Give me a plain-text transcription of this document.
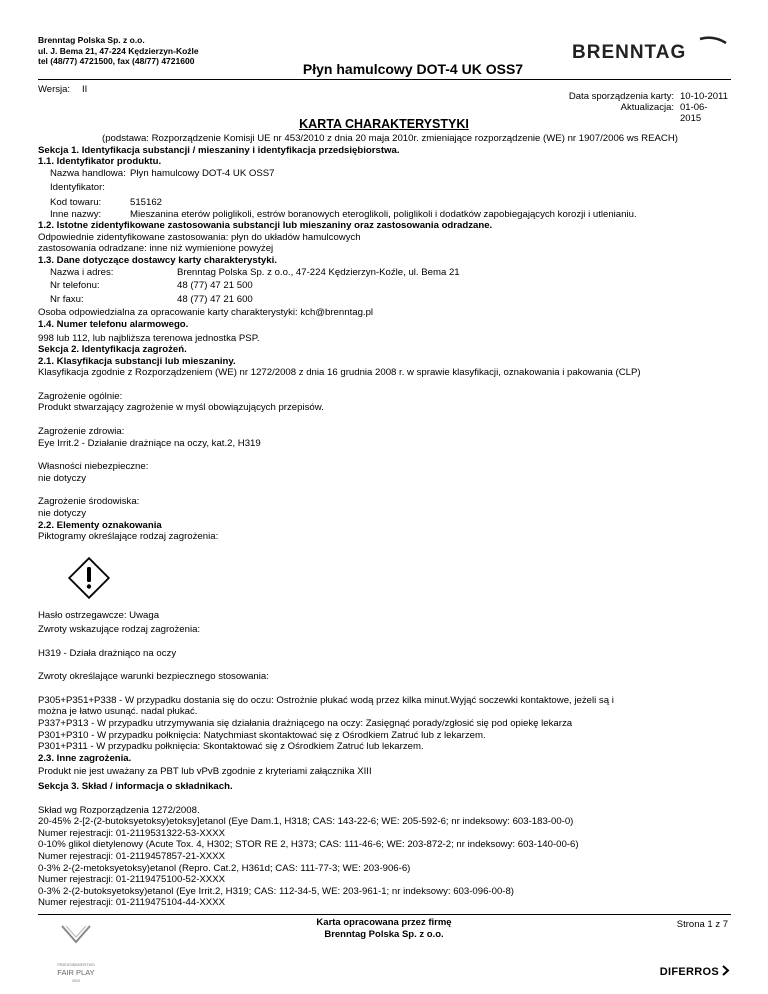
Brenntag Polska Sp. z o.o.
ul. J. Bema 21, 47-224 Kędzierzyn-Koźle
tel (48/77) 4721500, fax (48/77) 4721600	BRENNTAG
Płyn hamulcowy DOT-4 UK OSS7
Wersja: II
Data sporządzenia karty: 10-10-2011
Aktualizacja: 01-06-2015
KARTA CHARAKTERYSTYKI

(podstawa: Rozporządzenie Komisji UE nr 453/2010 z dnia 20 maja 2010r. zmieniające rozporządzenie (WE) nr 1907/2006 ws REACH)

Sekcja 1. Identyfikacja substancji / mieszaniny i identyfikacja przedsiębiorstwa.

1.1. Identyfikator produktu.

Nazwa handlowa: Płyn hamulcowy DOT-4 UK OSS7
Identyfikator:
Kod towaru:	515162
Inne nazwy:	Mieszanina eterów poliglikoli, estrów boranowych eteroglikoli, poliglikoli i dodatków zapobiegających korozji i utlenianiu.

1.2. Istotne zidentyfikowane zastosowania substancji lub mieszaniny oraz zastosowania odradzane.

Odpowiednie zidentyfikowane zastosowania: płyn do układów hamulcowych

zastosowania odradzane: inne niż wymienione powyżej

1.3. Dane dotyczące dostawcy karty charakterystyki.

Nazwa i adres:	Brenntag Polska Sp. z o.o., 47-224 Kędzierzyn-Koźle, ul. Bema 21
Nr telefonu:	48 (77) 47 21 500
Nr faxu:	48 (77) 47 21 600

Osoba odpowiedzialna za opracowanie karty charakterystyki: kch@brenntag.pl

1.4. Numer telefonu alarmowego.

998 lub 112, lub najbliższa terenowa jednostka PSP.

Sekcja 2. Identyfikacja zagrożeń.

2.1. Klasyfikacja substancji lub mieszaniny.

Klasyfikacja zgodnie z Rozporządzeniem (WE) nr 1272/2008 z dnia 16 grudnia 2008 r. w sprawie klasyfikacji, oznakowania i pakowania (CLP)

Zagrożenie ogólnie:

Produkt stwarzający zagrożenie w myśl obowiązujących przepisów.

Zagrożenie zdrowia:

Eye Irrit.2 - Działanie drażniące na oczy, kat.2, H319

Własności niebezpieczne:

nie dotyczy

Zagrożenie środowiska:

nie dotyczy

2.2. Elementy oznakowania

Piktogramy określające rodzaj zagrożenia:

Hasło ostrzegawcze: Uwaga

Zwroty wskazujące rodzaj zagrożenia:

H319 - Działa drażniąco na oczy

Zwroty określające warunki bezpiecznego stosowania:

P305+P351+P338 - W przypadku dostania się do oczu: Ostrożnie płukać wodą przez kilka minut.Wyjąć soczewki kontaktowe, jeżeli są i

można je łatwo usunąć. nadal płukać.

P337+P313 - W przypadku utrzymywania się działania drażniącego na oczy: Zasięgnąć porady/zgłosić się pod opiekę lekarza

P301+P310 - W przypadku połknięcia: Natychmiast skontaktować się z Ośrodkiem Zatruć lub z lekarzem.

P301+P311 - W przypadku połknięcia: Skontaktować się z Ośrodkiem Zatruć lub lekarzem.

2.3. Inne zagrożenia.

Produkt nie jest uważany za PBT lub vPvB zgodnie z kryteriami załącznika XIII

Sekcja 3. Skład / informacja o składnikach.

Skład wg Rozporządzenia 1272/2008.

20-45% 2-[2-(2-butoksyetoksy)etoksy]etanol (Eye Dam.1, H318; CAS: 143-22-6; WE: 205-592-6; nr indeksowy: 603-183-00-0)

Numer rejestracji: 01-2119531322-53-XXXX

0-10% glikol dietylenowy (Acute Tox. 4, H302; STOR RE 2, H373; CAS: 111-46-6; WE: 203-872-2; nr indeksowy: 603-140-00-6)

Numer rejestracji: 01-2119457857-21-XXXX

0-3% 2-(2-metoksyetoksy)etanol (Repro. Cat.2, H361d; CAS: 111-77-3; WE: 203-906-6)

Numer rejestracji: 01-2119475100-52-XXXX

0-3% 2-(2-butoksyetoksy)etanol (Eye Irrit.2, H319; CAS: 112-34-5, WE: 203-961-1; nr indeksowy: 603-096-00-8)

Numer rejestracji: 01-2119475104-44-XXXX

Karta opracowana przez firmę
Brenntag Polska Sp. z o.o.
Strona 1 z 7
PRZEDSIĘBIORSTWO
FAIR PLAY
2003
DIFERROS
